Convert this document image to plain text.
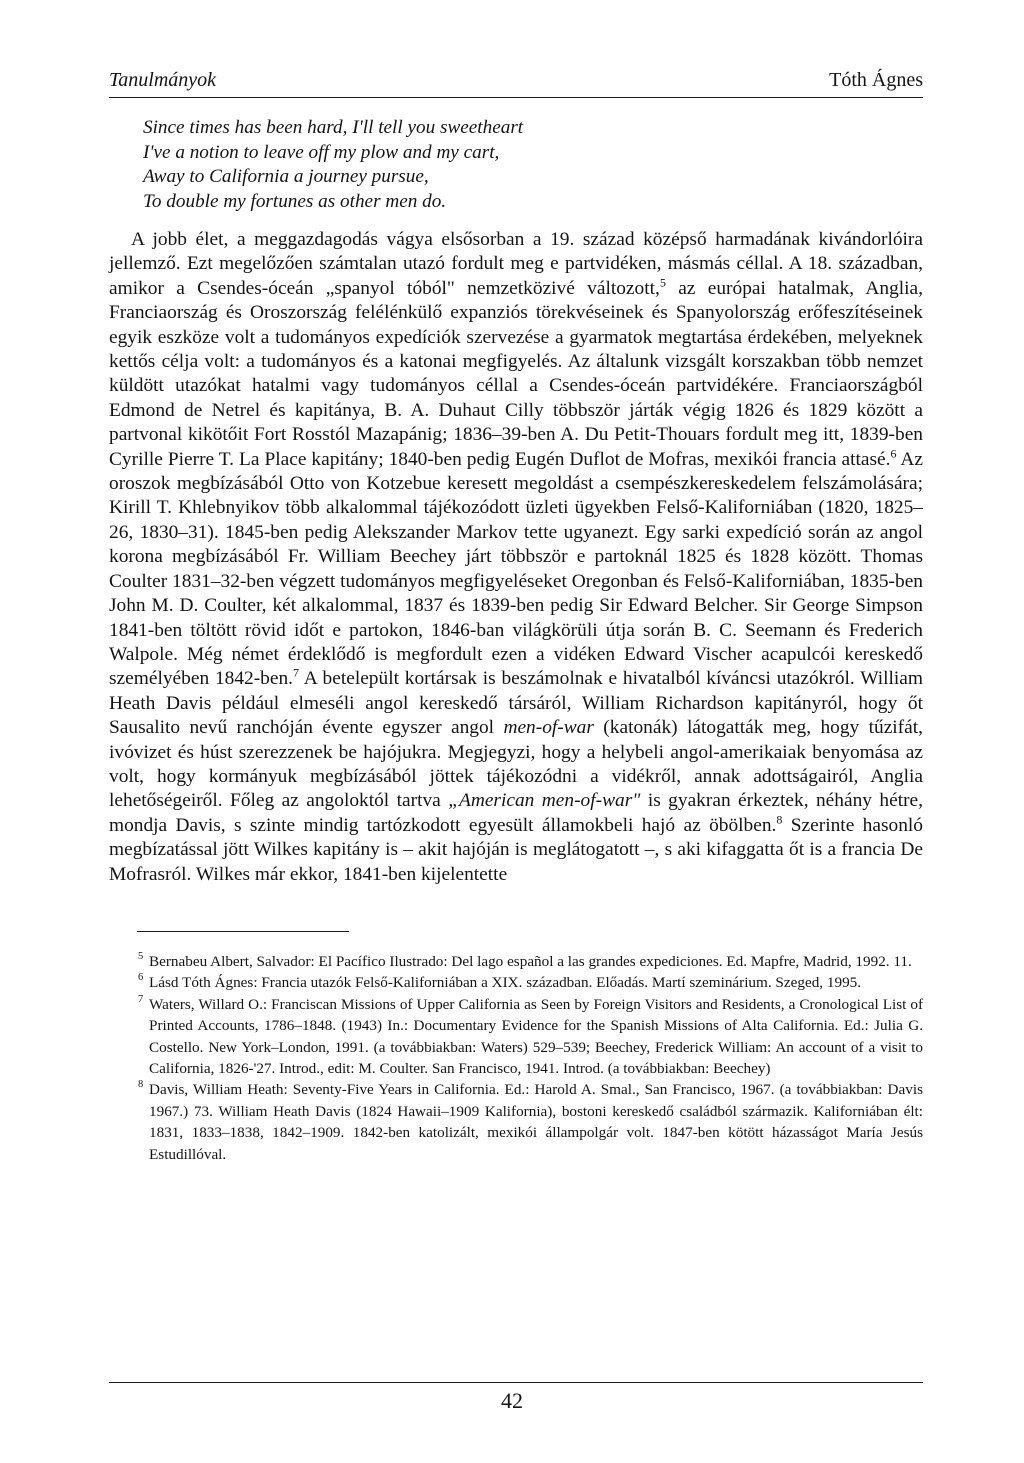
Tanulmányok	Tóth Ágnes
Since times has been hard, I'll tell you sweetheart
I've a notion to leave off my plow and my cart,
Away to California a journey pursue,
To double my fortunes as other men do.

A jobb élet, a meggazdagodás vágya elsősorban a 19. század középső harmadának kivándorlóira jellemző. Ezt megelőzően számtalan utazó fordult meg e partvidéken, másmás céllal. A 18. században, amikor a Csendes-óceán „spanyol tóból" nemzetközivé változott,$^5$ az európai hatalmak, Anglia, Franciaország és Oroszország felélénkülő expanziós törekvéseinek és Spanyolország erőfeszítéseinek egyik eszköze volt a tudományos expedíciók szervezése a gyarmatok megtartása érdekében, melyeknek kettős célja volt: a tudományos és a katonai megfigyelés. Az általunk vizsgált korszakban több nemzet küldött utazókat hatalmi vagy tudományos céllal a Csendes-óceán partvidékére. Franciaországból Edmond de Netrel és kapitánya, B. A. Duhaut Cilly többször járták végig 1826 és 1829 között a partvonal kikötőit Fort Rosstól Mazapánig; 1836–39-ben A. Du Petit-Thouars fordult meg itt, 1839-ben Cyrille Pierre T. La Place kapitány; 1840-ben pedig Eugén Duflot de Mofras, mexikói francia attasé.$^6$ Az oroszok megbízásából Otto von Kotzebue keresett megoldást a csempészkereskedelem felszámolására; Kirill T. Khlebnyikov több alkalommal tájékozódott üzleti ügyekben Felső-Kaliforniában (1820, 1825–26, 1830–31). 1845-ben pedig Alekszander Markov tette ugyanezt. Egy sarki expedíció során az angol korona megbízásából Fr. William Beechey járt többször e partoknál 1825 és 1828 között. Thomas Coulter 1831–32-ben végzett tudományos megfigyeléseket Oregonban és Felső-Kaliforniában, 1835-ben John M. D. Coulter, két alkalommal, 1837 és 1839-ben pedig Sir Edward Belcher. Sir George Simpson 1841-ben töltött rövid időt e partokon, 1846-ban világkörüli útja során B. C. Seemann és Frederich Walpole. Még német érdeklődő is megfordult ezen a vidéken Edward Vischer acapulcói kereskedő személyében 1842-ben.$^7$ A betelepült kortársak is beszámolnak e hivatalból kíváncsi utazókról. William Heath Davis például elmeséli angol kereskedő társáról, William Richardson kapitányról, hogy őt Sausalito nevű ranchóján évente egyszer angol men-of-war (katonák) látogatták meg, hogy tűzifát, ivóvizet és húst szerezzenek be hajójukra. Megjegyzi, hogy a helybeli angol-amerikaiak benyomása az volt, hogy kormányuk megbízásából jöttek tájékozódni a vidékről, annak adottságairól, Anglia lehetőségeiről. Főleg az angoloktól tartva „American men-of-war" is gyakran érkeztek, néhány hétre, mondja Davis, s szinte mindig tartózkodott egyesült államokbeli hajó az öbölben.$^8$ Szerinte hasonló megbízatással jött Wilkes kapitány is – akit hajóján is meglátogatott –, s aki kifaggatta őt is a francia De Mofrasról. Wilkes már ekkor, 1841-ben kijelentette

5 Bernabeu Albert, Salvador: El Pacífico Ilustrado: Del lago español a las grandes expediciones. Ed. Mapfre, Madrid, 1992. 11.
6 Lásd Tóth Ágnes: Francia utazók Felső-Kaliforniában a XIX. században. Előadás. Martí szeminárium. Szeged, 1995.
7 Waters, Willard O.: Franciscan Missions of Upper California as Seen by Foreign Visitors and Residents, a Cronological List of Printed Accounts, 1786–1848. (1943) In.: Documentary Evidence for the Spanish Missions of Alta California. Ed.: Julia G. Costello. New York–London, 1991. (a továbbiakban: Waters) 529–539; Beechey, Frederick William: An account of a visit to California, 1826-'27. Introd., edit: M. Coulter. San Francisco, 1941. Introd. (a továbbiakban: Beechey)
8 Davis, William Heath: Seventy-Five Years in California. Ed.: Harold A. Smal., San Francisco, 1967. (a továbbiakban: Davis 1967.) 73. William Heath Davis (1824 Hawaii–1909 Kalifornia), bostoni kereskedő családból származik. Kaliforniában élt: 1831, 1833–1838, 1842–1909. 1842-ben katolizált, mexikói állampolgár volt. 1847-ben kötött házasságot María Jesús Estudillóval.
42
